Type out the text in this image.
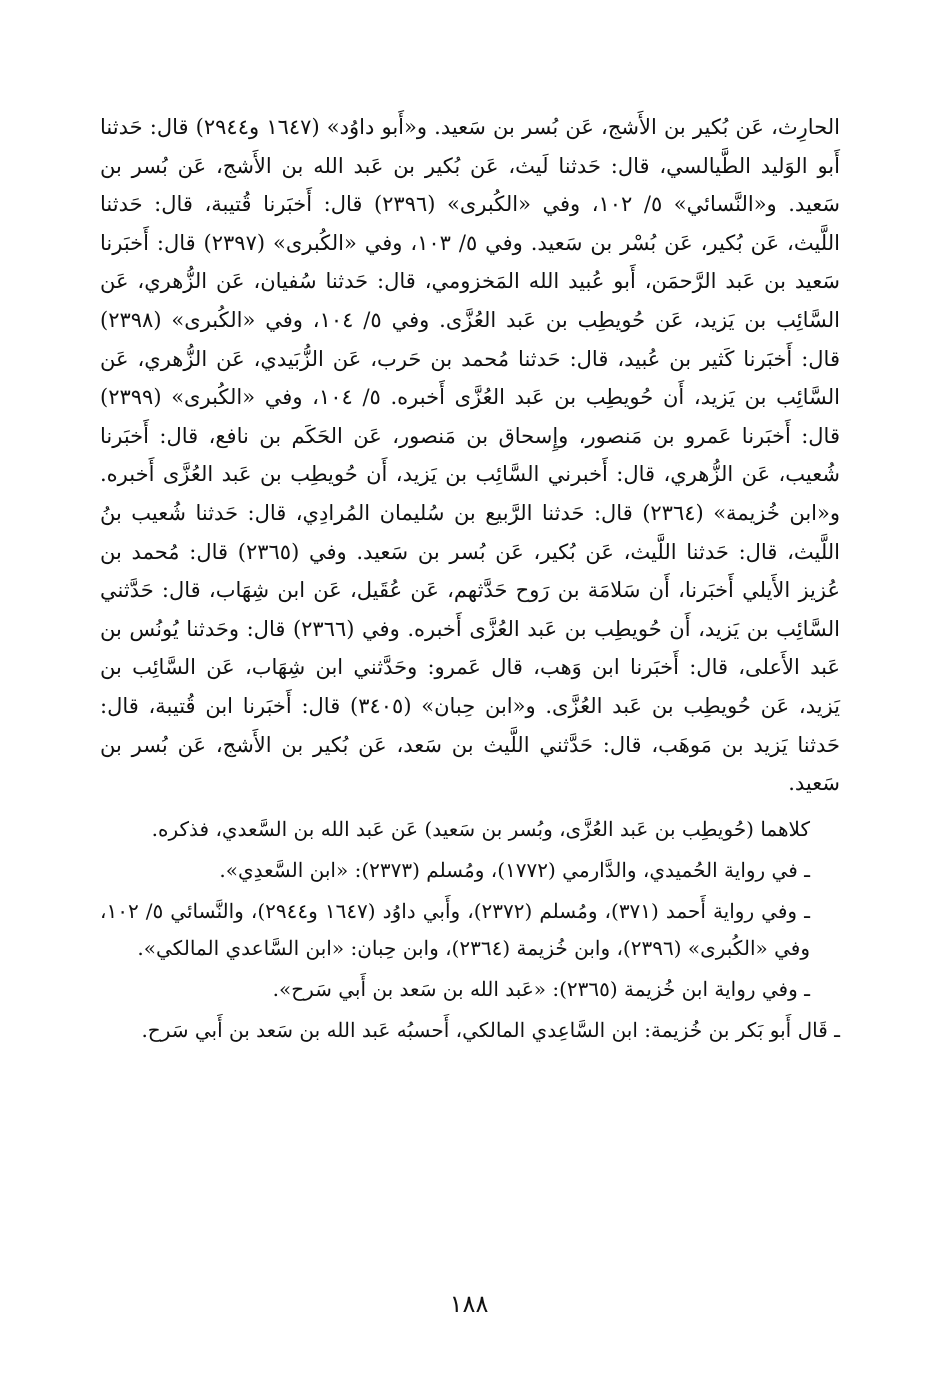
الحارِث، عَن بُكير بن الأَشج، عَن بُسر بن سَعيد. و«أَبو داوُد» (١٦٤٧ و٢٩٤٤) قال: حَدثنا أَبو الوَليد الطَّيالسي، قال: حَدثنا لَيث، عَن بُكير بن عَبد الله بن الأَشج، عَن بُسر بن سَعيد. و«النَّسائي» ٥/ ١٠٢، وفي «الكُبرى» (٢٣٩٦) قال: أَخبَرنا قُتيبة، قال: حَدثنا اللَّيث، عَن بُكير، عَن بُسْر بن سَعيد. وفي ٥/ ١٠٣، وفي «الكُبرى» (٢٣٩٧) قال: أَخبَرنا سَعيد بن عَبد الرَّحمَن، أَبو عُبيد الله المَخزومي، قال: حَدثنا سُفيان، عَن الزُّهري، عَن السَّائِب بن يَزيد، عَن حُويطِب بن عَبد العُزَّى. وفي ٥/ ١٠٤، وفي «الكُبرى» (٢٣٩٨) قال: أَخبَرنا كَثير بن عُبيد، قال: حَدثنا مُحمد بن حَرب، عَن الزُّبَيدي، عَن الزُّهري، عَن السَّائِب بن يَزيد، أَن حُويطِب بن عَبد العُزَّى أَخبره. ٥/ ١٠٤، وفي «الكُبرى» (٢٣٩٩) قال: أَخبَرنا عَمرو بن مَنصور، وإِسحاق بن مَنصور، عَن الحَكَم بن نافع، قال: أَخبَرنا شُعيب، عَن الزُّهري، قال: أَخبرني السَّائِب بن يَزيد، أَن حُويطِب بن عَبد العُزَّى أَخبره. و«ابن خُزيمة» (٢٣٦٤) قال: حَدثنا الرَّبيع بن سُليمان المُرادِي، قال: حَدثنا شُعيب بنُ اللَّيث، قال: حَدثنا اللَّيث، عَن بُكير، عَن بُسر بن سَعيد. وفي (٢٣٦٥) قال: مُحمد بن عُزيز الأَيلي أَخبَرنا، أَن سَلامَة بن رَوح حَدَّثهم، عَن عُقَيل، عَن ابن شِهَاب، قال: حَدَّثني السَّائِب بن يَزيد، أَن حُويطِب بن عَبد العُزَّى أَخبره. وفي (٢٣٦٦) قال: وحَدثنا يُونُس بن عَبد الأَعلى، قال: أَخبَرنا ابن وَهب، قال عَمرو: وحَدَّثني ابن شِهَاب، عَن السَّائِب بن يَزيد، عَن حُويطِب بن عَبد العُزَّى. و«ابن حِبان» (٣٤٠٥) قال: أَخبَرنا ابن قُتيبة، قال: حَدثنا يَزيد بن مَوهَب، قال: حَدَّثني اللَّيث بن سَعد، عَن بُكير بن الأَشج، عَن بُسر بن سَعيد.

كلاهما (حُويطِب بن عَبد العُزَّى، وبُسر بن سَعيد) عَن عَبد الله بن السَّعدي، فذكره.

ـ في رواية الحُميدي، والدَّارمي (١٧٧٢)، ومُسلم (٢٣٧٣): «ابن السَّعدِي».

ـ وفي رواية أَحمد (٣٧١)، ومُسلم (٢٣٧٢)، وأَبي داوُد (١٦٤٧ و٢٩٤٤)، والنَّسائي ٥/ ١٠٢، وفي «الكُبرى» (٢٣٩٦)، وابن خُزيمة (٢٣٦٤)، وابن حِبان: «ابن السَّاعدي المالكي».

ـ وفي رواية ابن خُزيمة (٢٣٦٥): «عَبد الله بن سَعد بن أَبي سَرح».

ـ قَال أَبو بَكر بن خُزيمة: ابن السَّاعِدي المالكي، أَحسبُه عَبد الله بن سَعد بن أَبي سَرح.

١٨٨
